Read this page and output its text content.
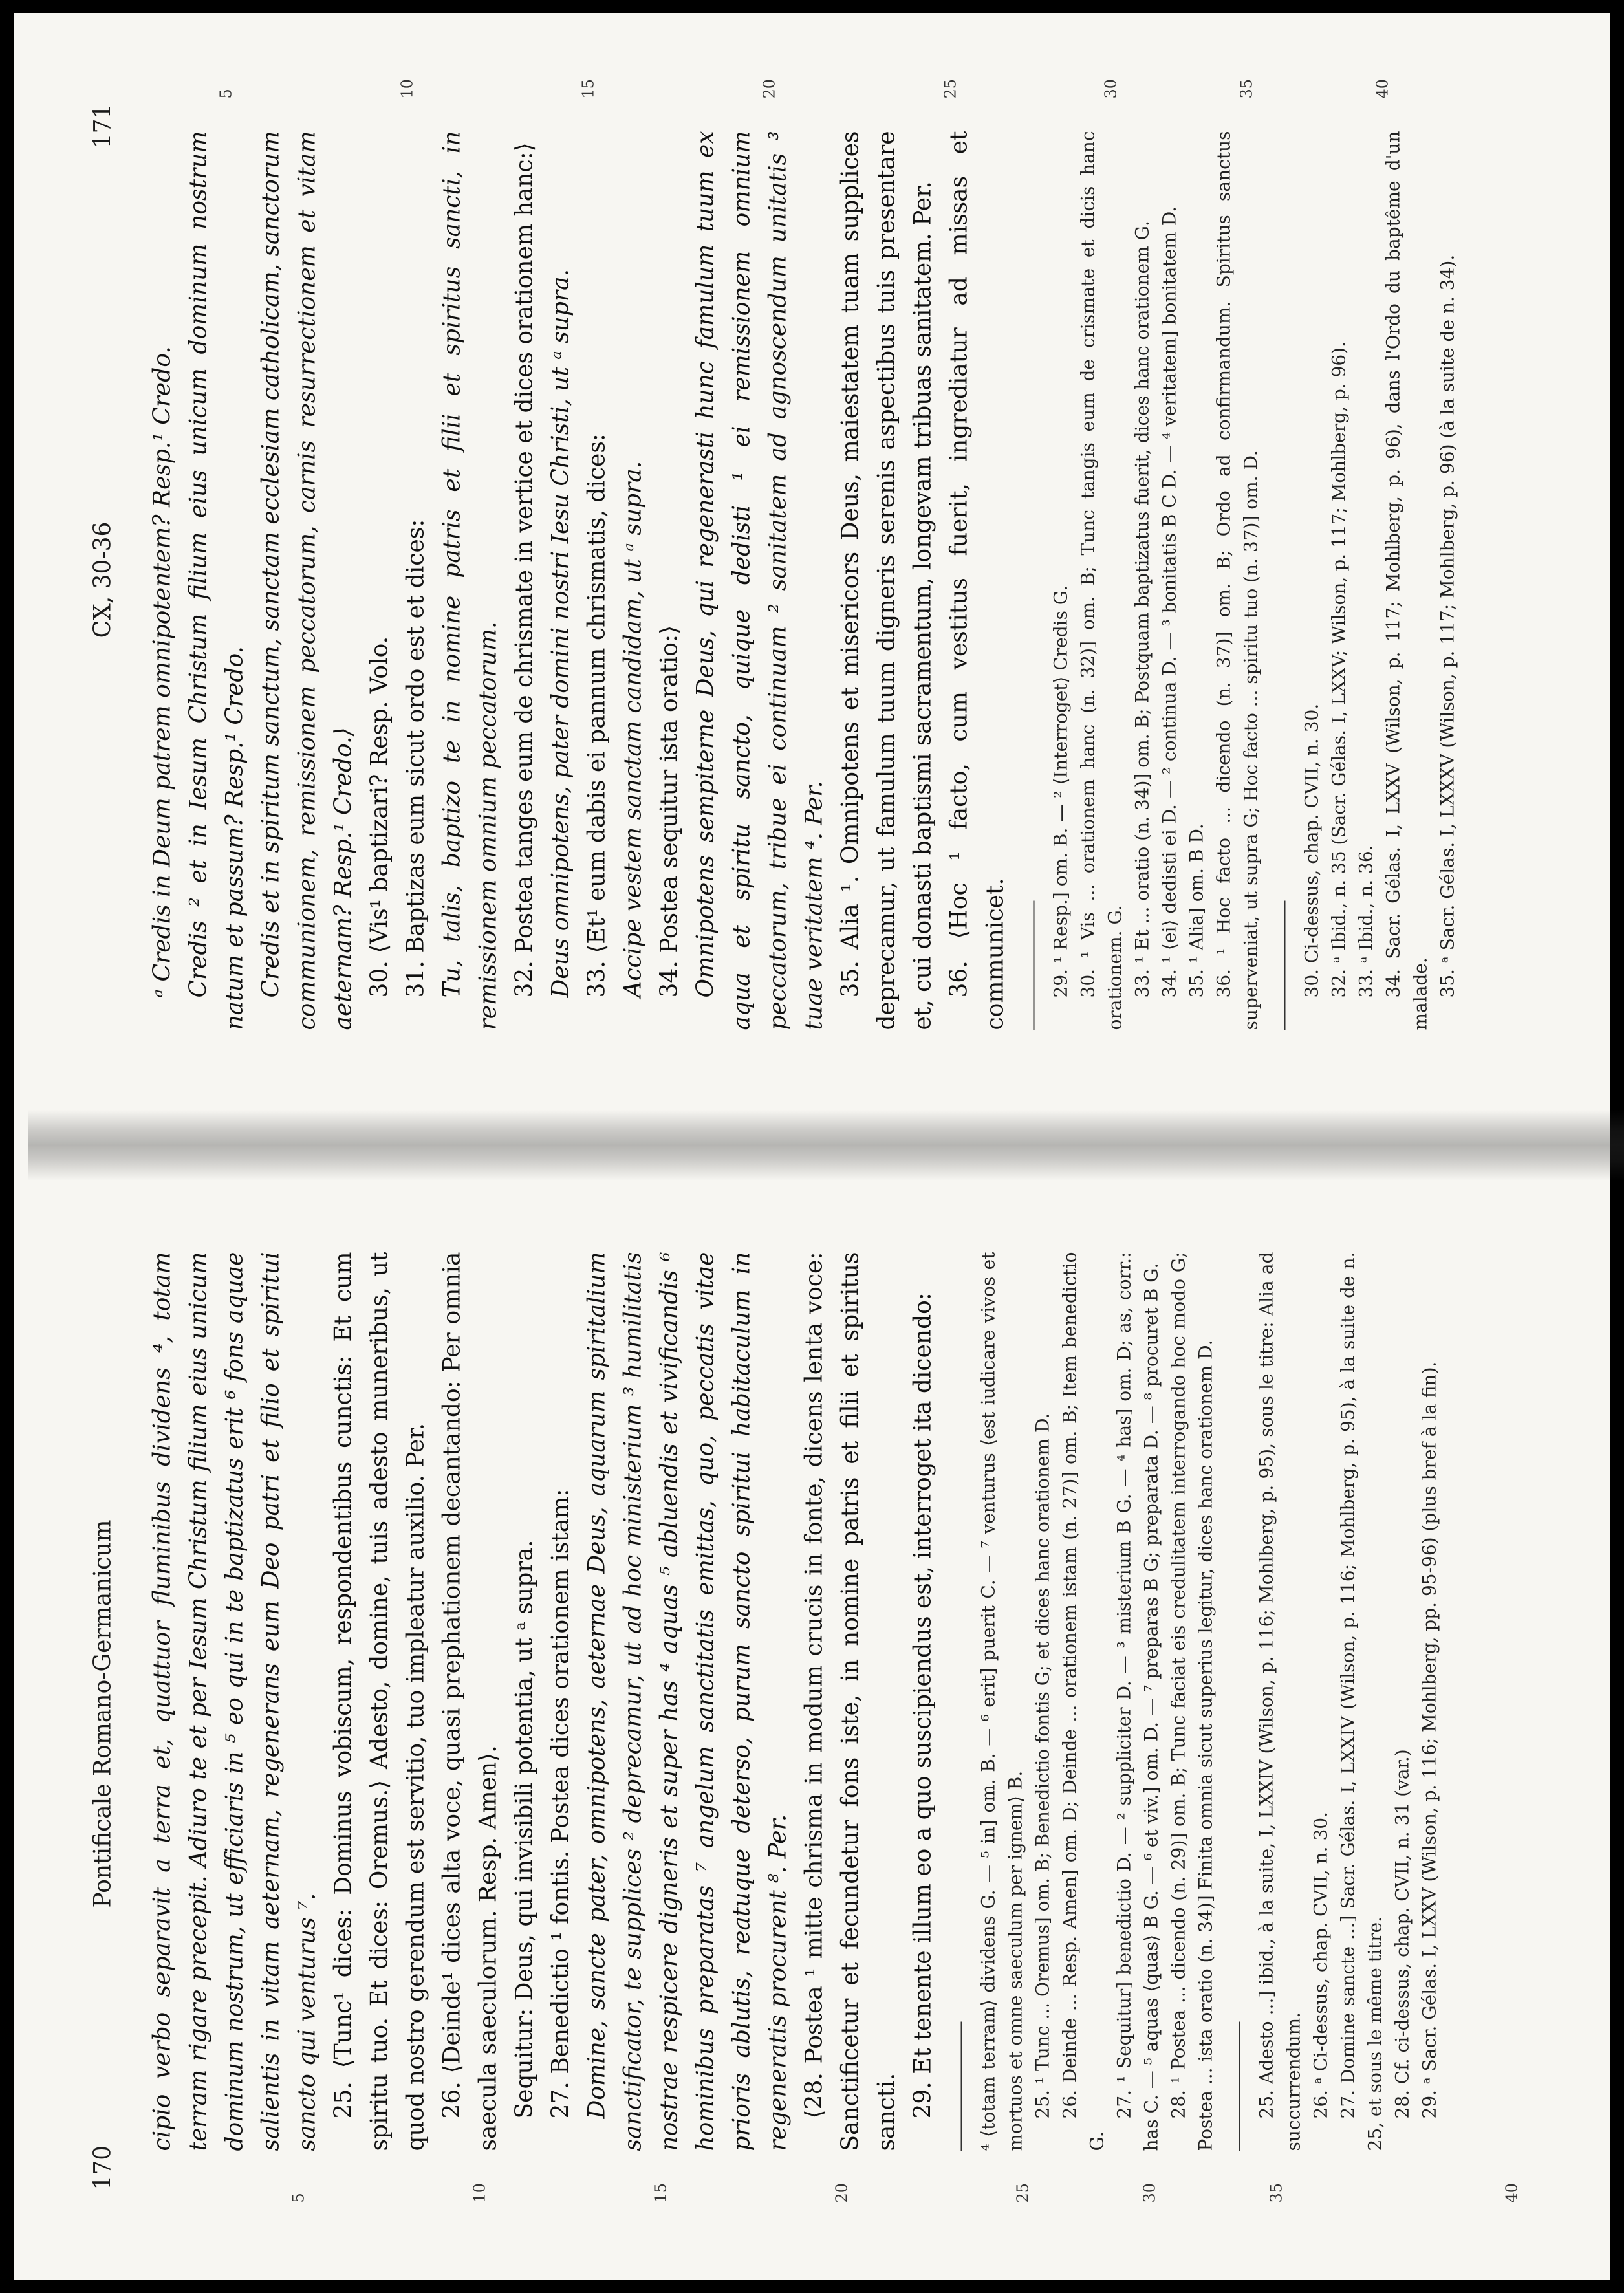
170
Pontificale Romano-Germanicum
5	10	15	20	25	30	35	40

cipio verbo separavit a terra et, quattuor fluminibus dividens ⁴, totam terram rigare precepit. Adiuro te et per Iesum Christum filium eius unicum dominum nostrum, ut efficiaris in ⁵ eo qui in te baptizatus erit ⁶ fons aquae salientis in vitam aeternam, regenerans eum Deo patri et filio et spiritui sancto qui venturus ⁷. 25. ⟨Tunc¹ dices: Dominus vobiscum, respondentibus cunctis: Et cum spiritu tuo. Et dices: Oremus.⟩ Adesto, domine, tuis adesto muneribus, ut quod nostro gerendum est servitio, tuo impleatur auxilio. Per. 26. ⟨Deinde¹ dices alta voce, quasi prephationem decantando: Per omnia saecula saeculorum. Resp. Amen⟩. Sequitur: Deus, qui invisibili potentia, ut ᵃ supra. 27. Benedictio ¹ fontis. Postea dices orationem istam: Domine, sancte pater, omnipotens, aeternae Deus, aquarum spiritalium sanctificator, te supplices ² deprecamur, ut ad hoc ministerium ³ humilitatis nostrae respicere digneris et super has ⁴ aquas ⁵ abluendis et vivificandis ⁶ hominibus preparatas ⁷ angelum sanctitatis emittas, quo, peccatis vitae prioris ablutis, reatuque deterso, purum sancto spiritui habitaculum in regeneratis procurent ⁸. Per. ⟨28. Postea ¹ mitte chrisma in modum crucis in fonte, dicens lenta voce: Sanctificetur et fecundetur fons iste, in nomine patris et filii et spiritus sancti. 29. Et tenente illum eo a quo suscipiendus est, interroget ita dicendo: ⁴ ⟨totam terram⟩ dividens G. — ⁵ in] om. B. — ⁶ erit] puerit C. — ⁷ venturus ⟨est iudicare vivos et mortuos et omne saeculum per ignem⟩ B. 25. ¹ Tunc ... Oremus] om. B; Benedictio fontis G; et dices hanc orationem D. 26. Deinde ... Resp. Amen] om. D; Deinde ... orationem istam (n. 27)] om. B; Item benedictio G.

27. ¹ Sequitur] benedictio D. — ² suppliciter D. — ³ misterium B G. — ⁴ has] om. D; as, corr.: has C. — ⁵ aquas ⟨quas⟩ B G. — ⁶ et viv.] om. D. — ⁷ preparas B G; preparata D. — ⁸ procuret B G. 28. ¹ Postea ... dicendo (n. 29)] om. B; Tunc faciat eis credulitatem interrogando hoc modo G; Postea ... ista oratio (n. 34)] Finita omnia sicut superius legitur, dices hanc orationem D. 25. Adesto ...] ibid., à la suite, I, LXXIV (Wilson, p. 116; Mohlberg, p. 95), sous le titre: Alia ad succurrendum. 26. ᵃ Ci-dessus, chap. CVII, n. 30. 27. Domine sancte ...] Sacr. Gélas. I, LXXIV (Wilson, p. 116; Mohlberg, p. 95), à la suite de n. 25, et sous le même titre. 28. Cf. ci-dessus, chap. CVII, n. 31 (var.) 29. ᵃ Sacr. Gélas. I, LXXV (Wilson, p. 116; Mohlberg, pp. 95-96) (plus bref à la fin).

CX, 30-36
171
5	10	15	20	25	30	35	40

ᵃ Credis in Deum patrem omnipotentem? Resp.¹ Credo. Credis ² et in Iesum Christum filium eius unicum dominum nostrum natum et passum? Resp.¹ Credo. Credis et in spiritum sanctum, sanctam ecclesiam catholicam, sanctorum communionem, remissionem peccatorum, carnis resurrectionem et vitam aeternam? Resp.¹ Credo.⟩ 30. ⟨Vis¹ baptizari? Resp. Volo. 31. Baptizas eum sicut ordo est et dices: Tu, talis, baptizo te in nomine patris et filii et spiritus sancti, in remissionem omnium peccatorum. 32. Postea tanges eum de chrismate in vertice et dices orationem hanc:⟩ Deus omnipotens, pater domini nostri Iesu Christi, ut ᵃ supra. 33. ⟨Et¹ eum dabis ei pannum chrismatis, dices: Accipe vestem sanctam candidam, ut ᵃ supra. 34. Postea sequitur ista oratio:⟩ Omnipotens sempiterne Deus, qui regenerasti hunc famulum tuum ex aqua et spiritu sancto, quique dedisti ¹ ei remissionem omnium peccatorum, tribue ei continuam ² sanitatem ad agnoscendum unitatis ³ tuae veritatem ⁴. Per. 35. Alia ¹. Omnipotens et misericors Deus, maiestatem tuam supplices deprecamur, ut famulum tuum digneris serenis aspectibus tuis presentare et, cui donasti baptismi sacramentum, longevam tribuas sanitatem. Per. 36. ⟨Hoc ¹ facto, cum vestitus fuerit, ingrediatur ad missas et communicet. 29. ¹ Resp.] om. B. — ² ⟨Interroget⟩ Credis G. 30. ¹ Vis ... orationem hanc (n. 32)] om. B; Tunc tangis eum de crismate et dicis hanc orationem. G. 33. ¹ Et ... oratio (n. 34)] om. B; Postquam baptizatus fuerit, dices hanc orationem G. 34. ¹ ⟨ei⟩ dedisti ei D. — ² continua D. — ³ bonitatis B C D. — ⁴ veritatem] bonitatem D. 35. ¹ Alia] om. B D. 36. ¹ Hoc facto ... dicendo (n. 37)] om. B; Ordo ad confirmandum. Spiritus sanctus superveniat, ut supra G; Hoc facto ... spiritu tuo (n. 37)] om. D. 30. Ci-dessus, chap. CVII, n. 30. 32. ᵃ Ibid., n. 35 (Sacr. Gélas. I, LXXV; Wilson, p. 117; Mohlberg, p. 96). 33. ᵃ Ibid., n. 36. 34. Sacr. Gélas. I, LXXV (Wilson, p. 117; Mohlberg, p. 96), dans l'Ordo du baptême d'un malade. 35. ᵃ Sacr. Gélas. I, LXXXV (Wilson, p. 117; Mohlberg, p. 96) (à la suite de n. 34).
